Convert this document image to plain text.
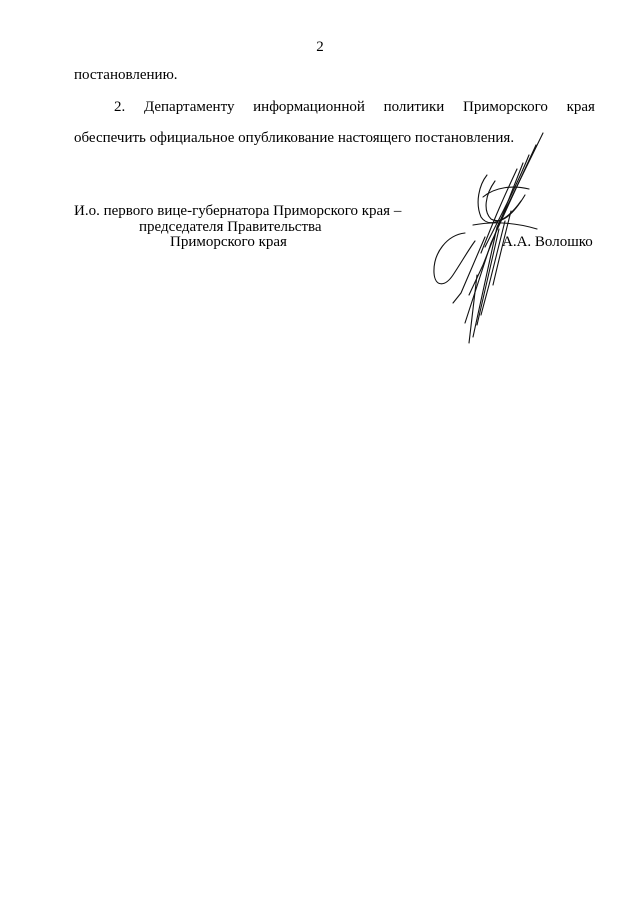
2
постановлению.
2. Департаменту информационной политики Приморского края
обеспечить официальное опубликование настоящего постановления.
И.о. первого вице-губернатора Приморского края –
председателя Правительства
Приморского края	А.А. Волошко
